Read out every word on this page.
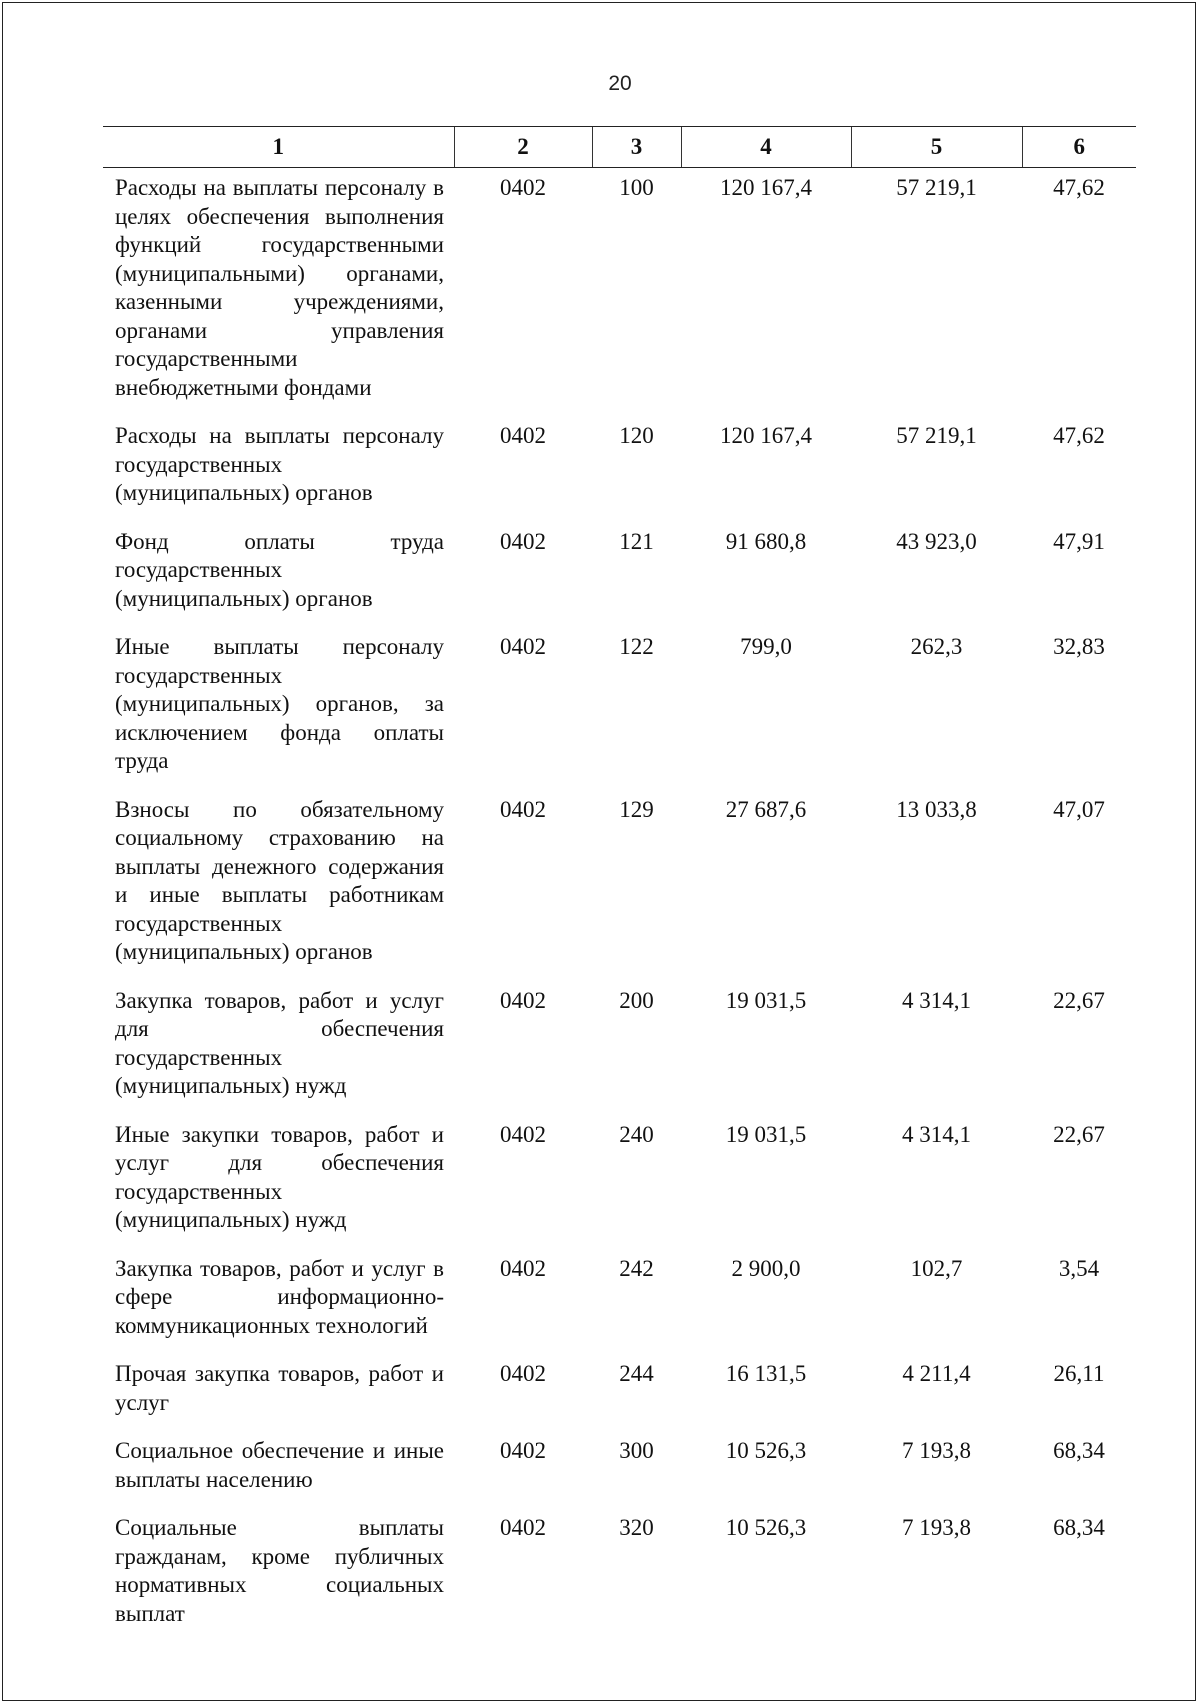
20
1	2	3	4	5	6
Расходы на выплаты персоналу в целях обеспечения выполнения функций государственными (муниципальными) органами, казенными учреждениями, органами управления государственными внебюджетными фондами	0402	100	120 167,4	57 219,1	47,62
Расходы на выплаты персоналу государственных (муниципальных) органов	0402	120	120 167,4	57 219,1	47,62
Фонд оплаты труда государственных (муниципальных) органов	0402	121	91 680,8	43 923,0	47,91
Иные выплаты персоналу государственных (муниципальных) органов, за исключением фонда оплаты труда	0402	122	799,0	262,3	32,83
Взносы по обязательному социальному страхованию на выплаты денежного содержания и иные выплаты работникам государственных (муниципальных) органов	0402	129	27 687,6	13 033,8	47,07
Закупка товаров, работ и услуг для обеспечения государственных (муниципальных) нужд	0402	200	19 031,5	4 314,1	22,67
Иные закупки товаров, работ и услуг для обеспечения государственных (муниципальных) нужд	0402	240	19 031,5	4 314,1	22,67
Закупка товаров, работ и услуг в сфере информационно-коммуникационных технологий	0402	242	2 900,0	102,7	3,54
Прочая закупка товаров, работ и услуг	0402	244	16 131,5	4 211,4	26,11
Социальное обеспечение и иные выплаты населению	0402	300	10 526,3	7 193,8	68,34
Социальные выплаты гражданам, кроме публичных нормативных социальных выплат	0402	320	10 526,3	7 193,8	68,34
